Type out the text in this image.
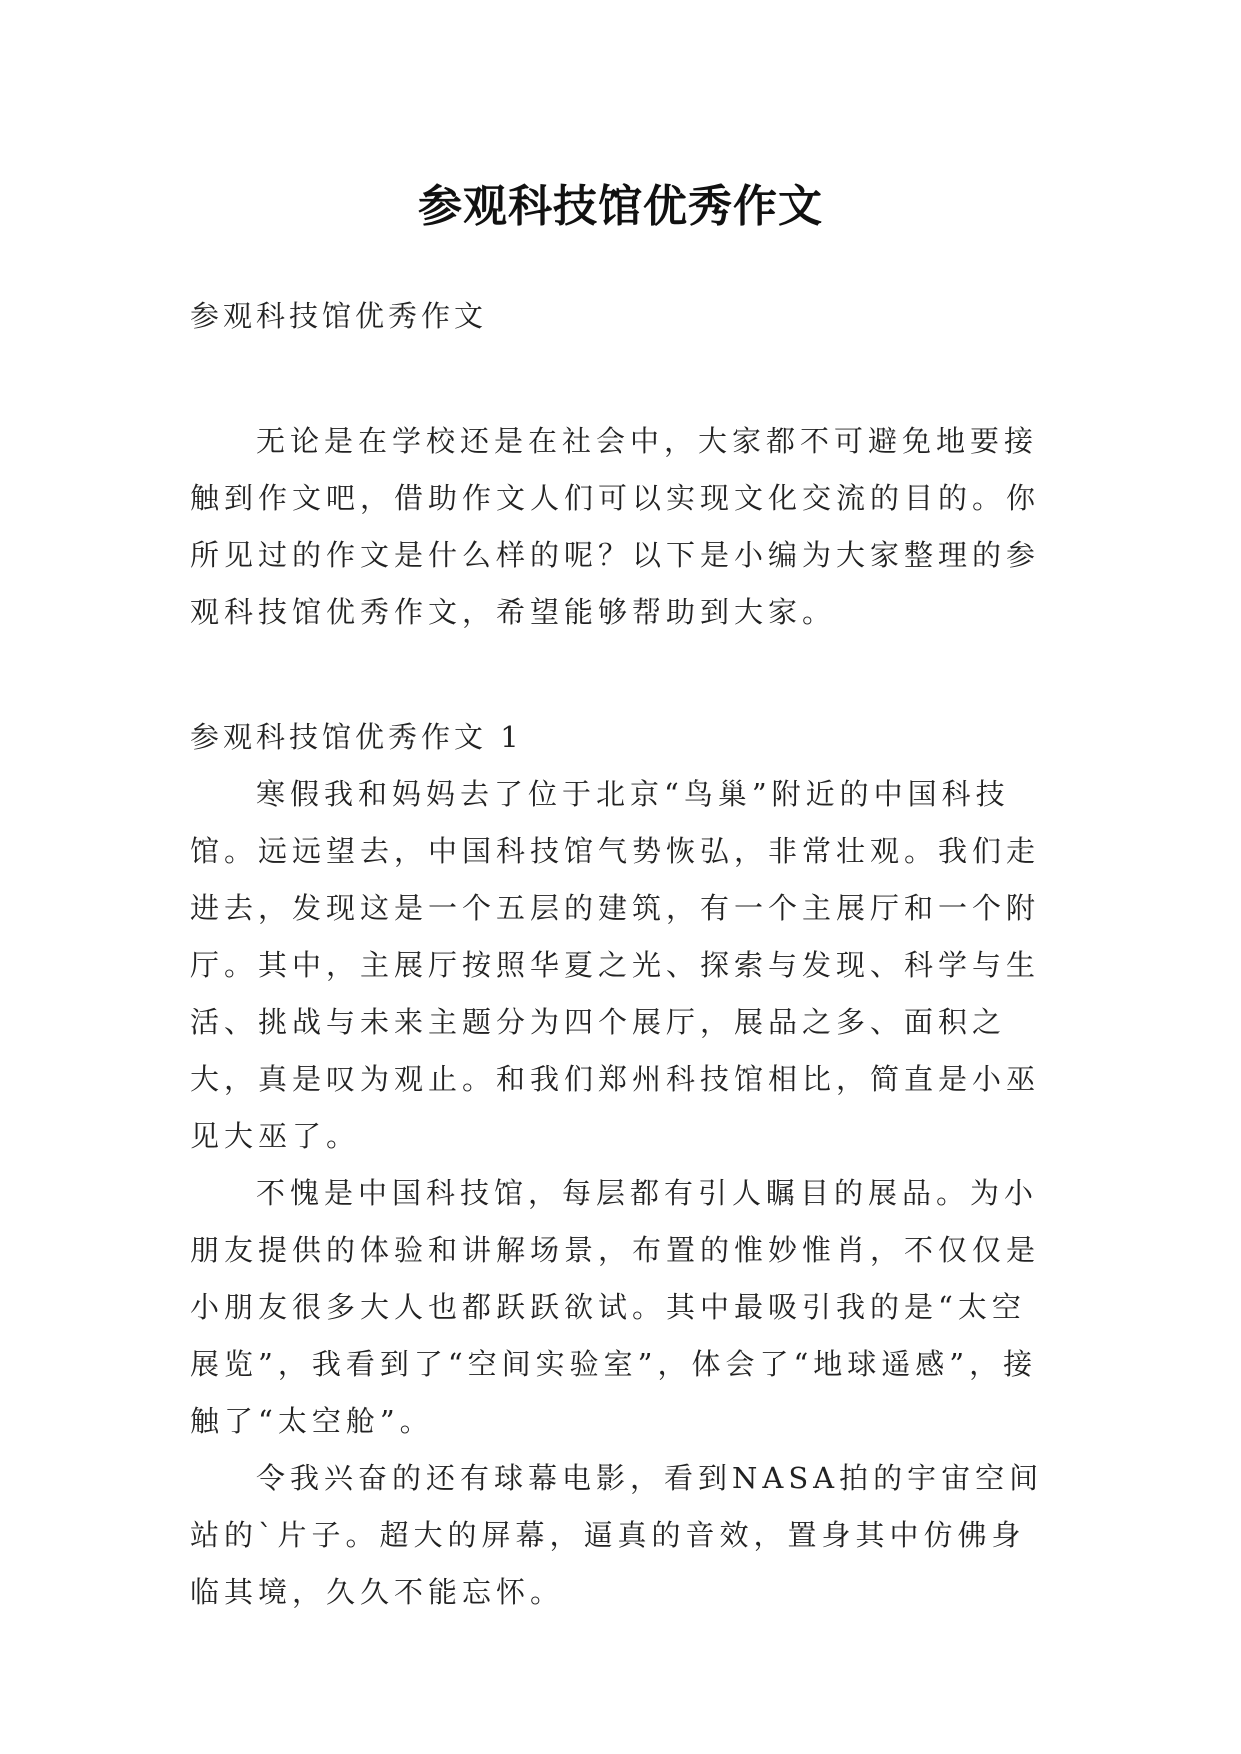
参观科技馆优秀作文

参观科技馆优秀作文

无论是在学校还是在社会中，大家都不可避免地要接触到作文吧，借助作文人们可以实现文化交流的目的。你所见过的作文是什么样的呢？以下是小编为大家整理的参观科技馆优秀作文，希望能够帮助到大家。

参观科技馆优秀作文 1

寒假我和妈妈去了位于北京“鸟巢”附近的中国科技馆。远远望去，中国科技馆气势恢弘，非常壮观。我们走进去，发现这是一个五层的建筑，有一个主展厅和一个附厅。其中，主展厅按照华夏之光、探索与发现、科学与生活、挑战与未来主题分为四个展厅，展品之多、面积之大，真是叹为观止。和我们郑州科技馆相比，简直是小巫见大巫了。

不愧是中国科技馆，每层都有引人瞩目的展品。为小朋友提供的体验和讲解场景，布置的惟妙惟肖，不仅仅是小朋友很多大人也都跃跃欲试。其中最吸引我的是“太空展览”，我看到了“空间实验室”，体会了“地球遥感”，接触了“太空舱”。

令我兴奋的还有球幕电影，看到NASA拍的宇宙空间站的`片子。超大的屏幕，逼真的音效，置身其中仿佛身临其境，久久不能忘怀。
